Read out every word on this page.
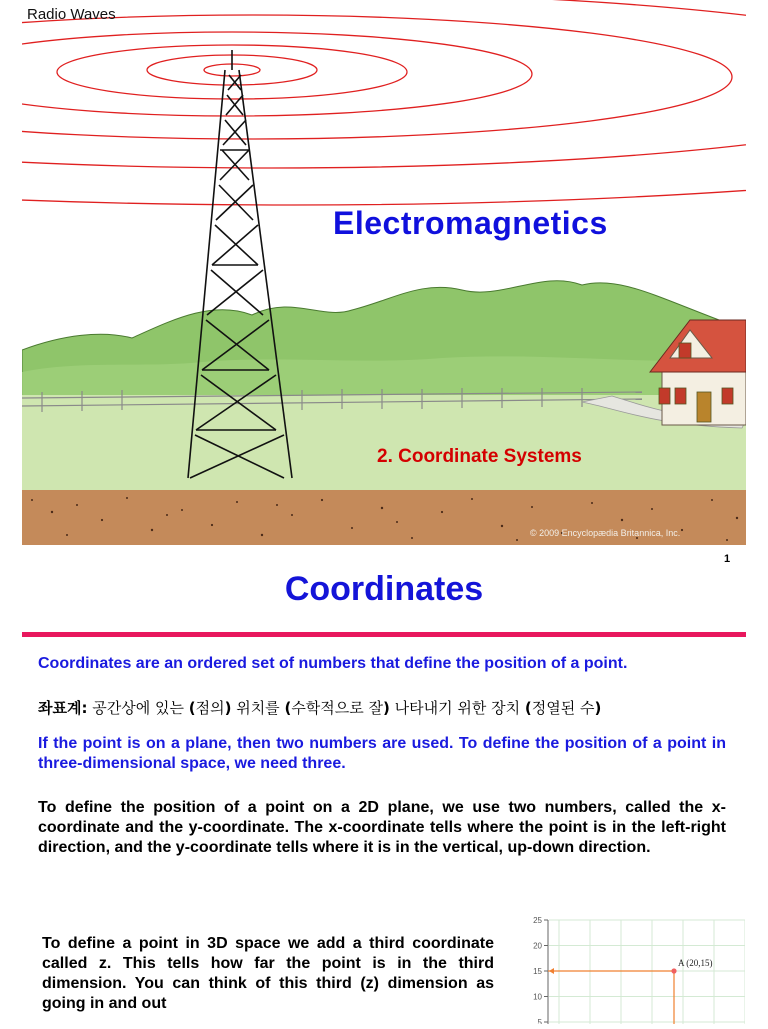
Radio Waves
Electromagnetics
2. Coordinate Systems
© 2009 Encyclopædia Britannica, Inc.
1
Coordinates

Coordinates are an ordered set of numbers that define the position of a point.

좌표계: 공간상에 있는 (점의) 위치를 (수학적으로 잘) 나타내기 위한 장치 (정열된 수)

If the point is on a plane, then two numbers are used. To define the position of a point in three-dimensional space, we need three.

To define the position of a point on a 2D plane, we use two numbers, called the x-coordinate and the y-coordinate. The x-coordinate tells where the point is in the left-right direction, and the y-coordinate tells where it is in the vertical, up-down direction.

To define a point in 3D space we add a third coordinate called z. This tells how far the point is in the third dimension. You can think of this third (z) dimension as going in and out

25
20
15
10
5
A (20,15)
